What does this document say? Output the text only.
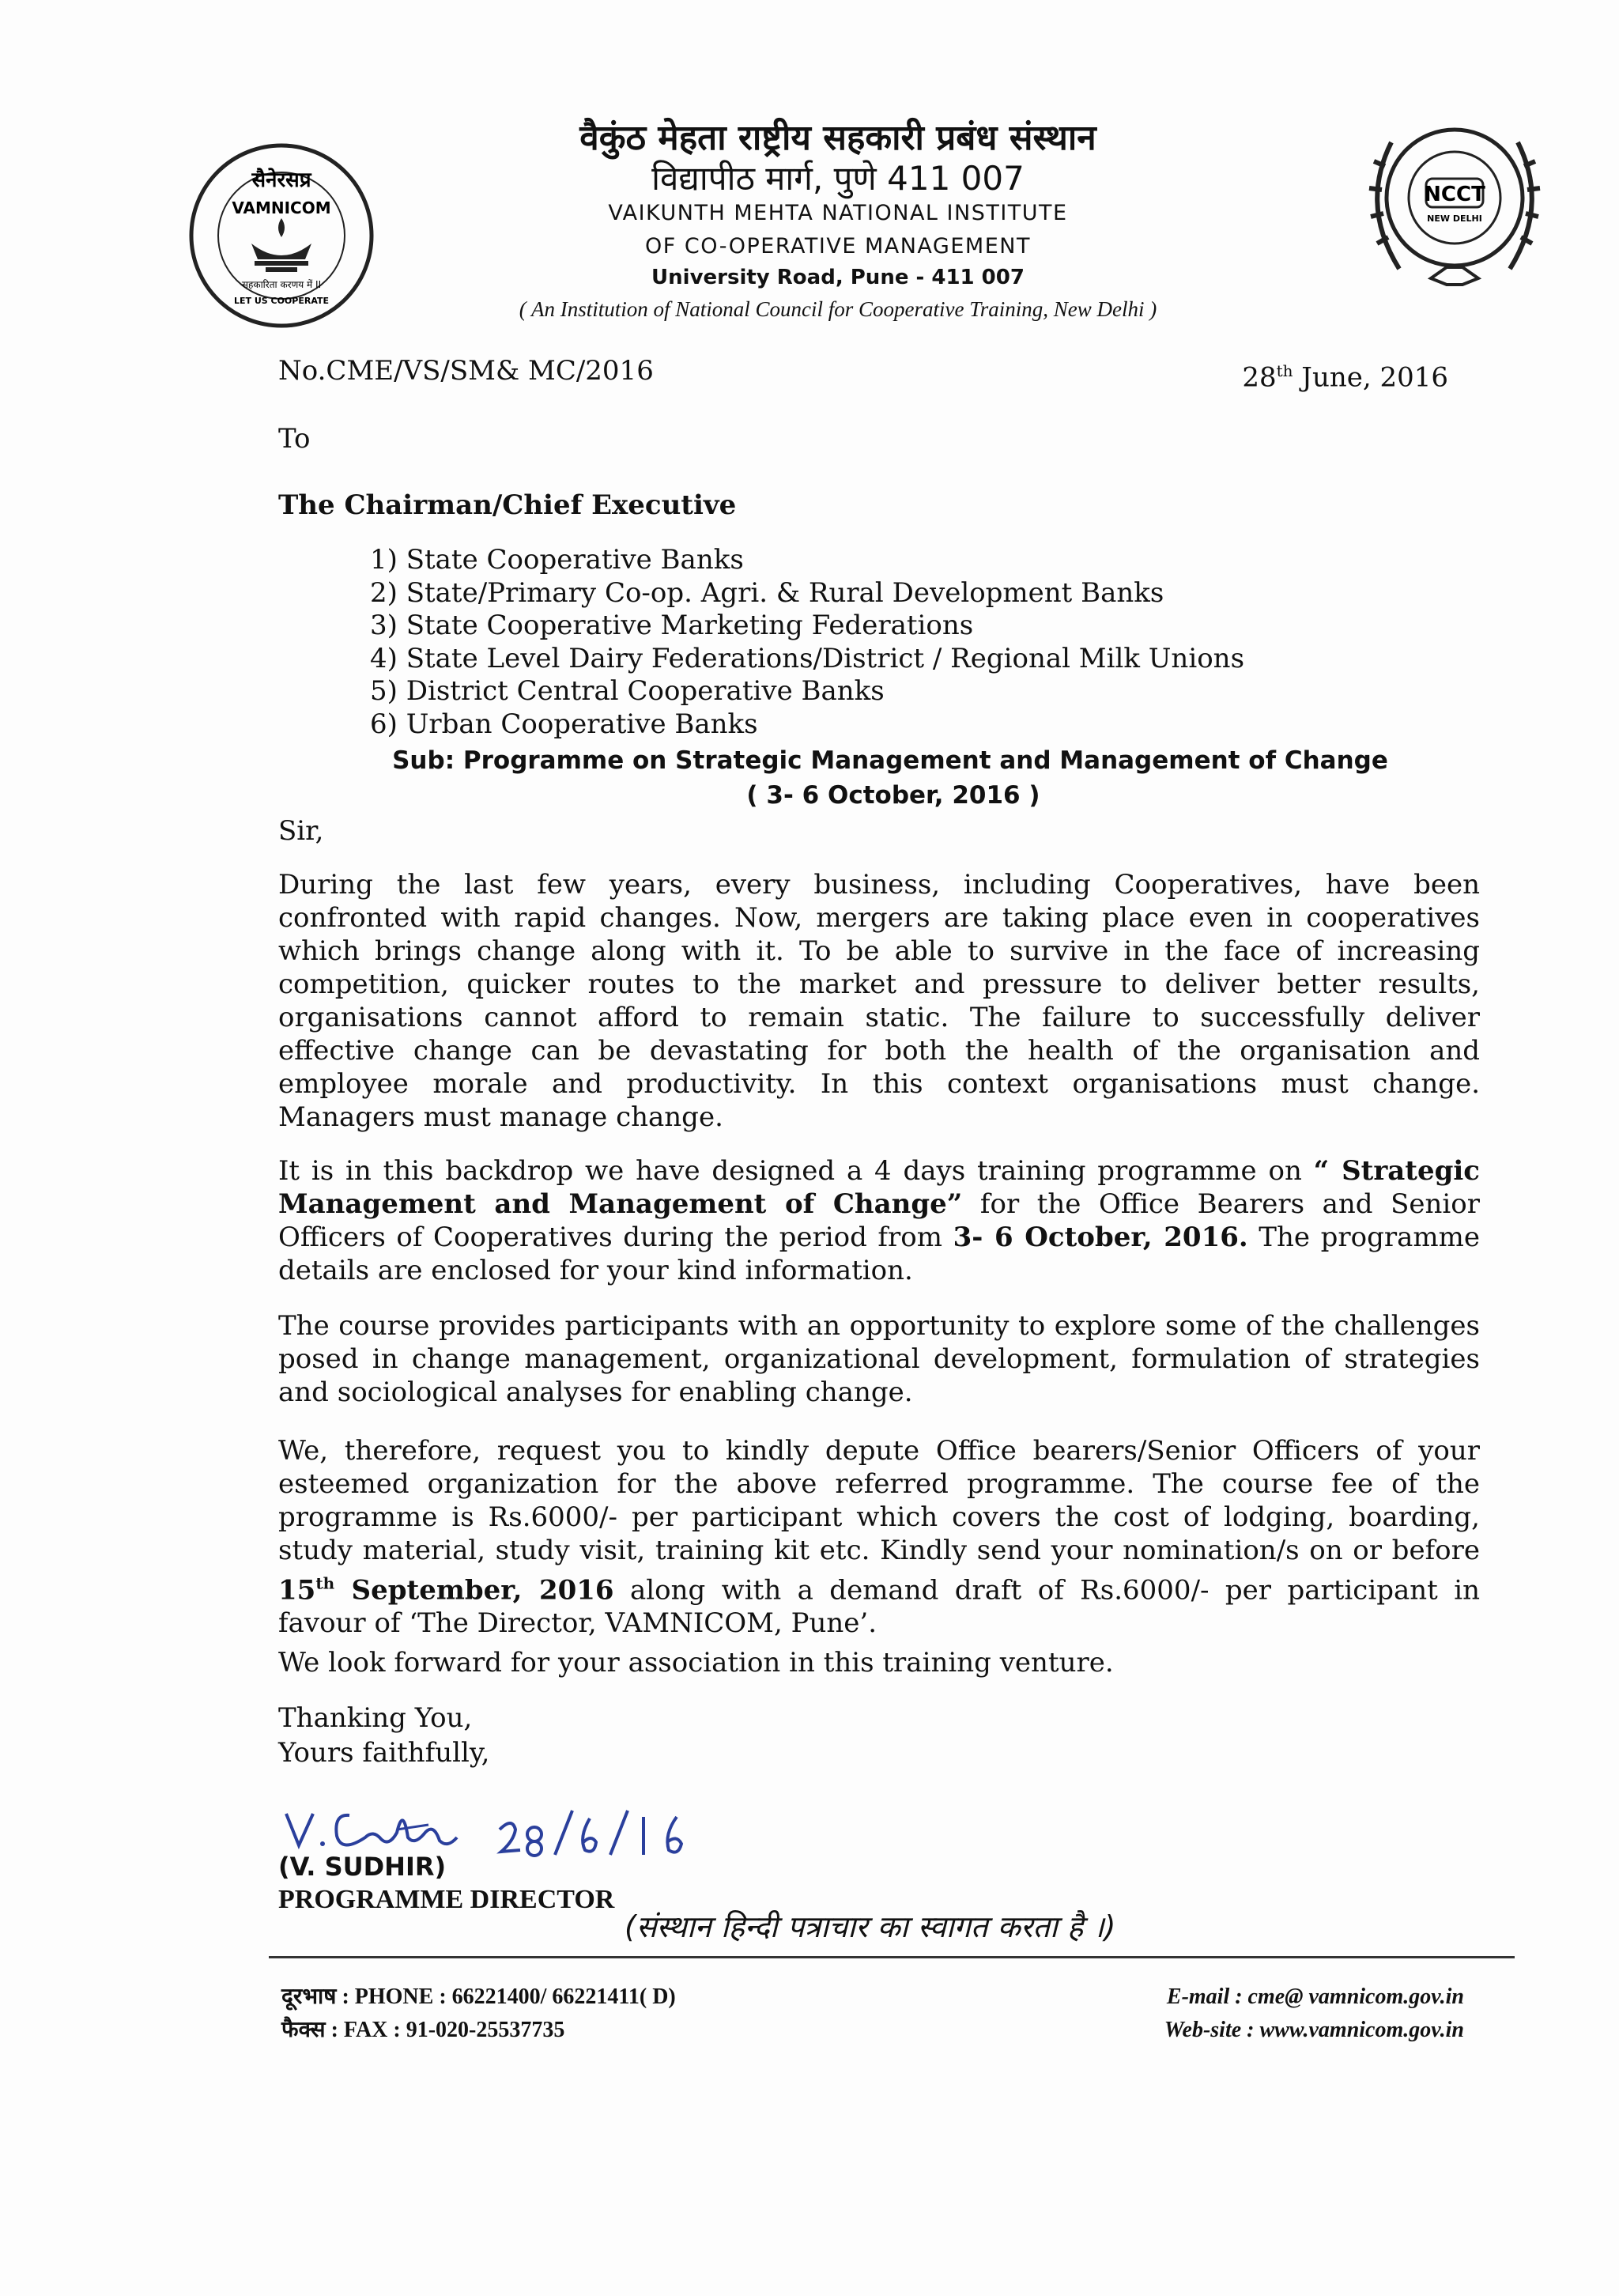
सैनेरसप्र
VAMNICOM
सहकारिता करणय में II
LET US COOPERATE
वैकुंठ मेहता राष्ट्रीय सहकारी प्रबंध संस्थान
विद्यापीठ मार्ग, पुणे 411 007
VAIKUNTH MEHTA NATIONAL INSTITUTE
OF CO-OPERATIVE MANAGEMENT
University Road, Pune - 411 007
( An Institution of National Council for Cooperative Training, New Delhi )
NCCT
NEW DELHI
No.CME/VS/SM& MC/2016	28th June, 2016
To
The Chairman/Chief Executive
1) State Cooperative Banks
2) State/Primary Co-op. Agri. & Rural Development Banks
3) State Cooperative Marketing Federations
4) State Level Dairy Federations/District / Regional Milk Unions
5) District Central Cooperative Banks
6) Urban Cooperative Banks
Sub: Programme on Strategic Management and Management of Change
( 3- 6 October, 2016 )
Sir,
During the last few years, every business, including Cooperatives, have been confronted with rapid changes. Now, mergers are taking place even in cooperatives which brings change along with it. To be able to survive in the face of increasing competition, quicker routes to the market and pressure to deliver better results, organisations cannot afford to remain static. The failure to successfully deliver effective change can be devastating for both the health of the organisation and employee morale and productivity. In this context organisations must change. Managers must manage change.
It is in this backdrop we have designed a 4 days training programme on “ Strategic Management and Management of Change” for the Office Bearers and Senior Officers of Cooperatives during the period from 3- 6 October, 2016. The programme details are enclosed for your kind information.
The course provides participants with an opportunity to explore some of the challenges posed in change management, organizational development, formulation of strategies and sociological analyses for enabling change.
We, therefore, request you to kindly depute Office bearers/Senior Officers of your esteemed organization for the above referred programme. The course fee of the programme is Rs.6000/- per participant which covers the cost of lodging, boarding, study material, study visit, training kit etc. Kindly send your nomination/s on or before 15th September, 2016 along with a demand draft of Rs.6000/- per participant in favour of ‘The Director, VAMNICOM, Pune’.
We look forward for your association in this training venture.
Thanking You,
Yours faithfully,
(V. SUDHIR)
PROGRAMME DIRECTOR
(संस्थान हिन्दी पत्राचार का स्वागत करता है ।)
दूरभाष : PHONE : 66221400/ 66221411( D)
फैक्स : FAX : 91-020-25537735
E-mail : cme@ vamnicom.gov.in
Web-site : www.vamnicom.gov.in
